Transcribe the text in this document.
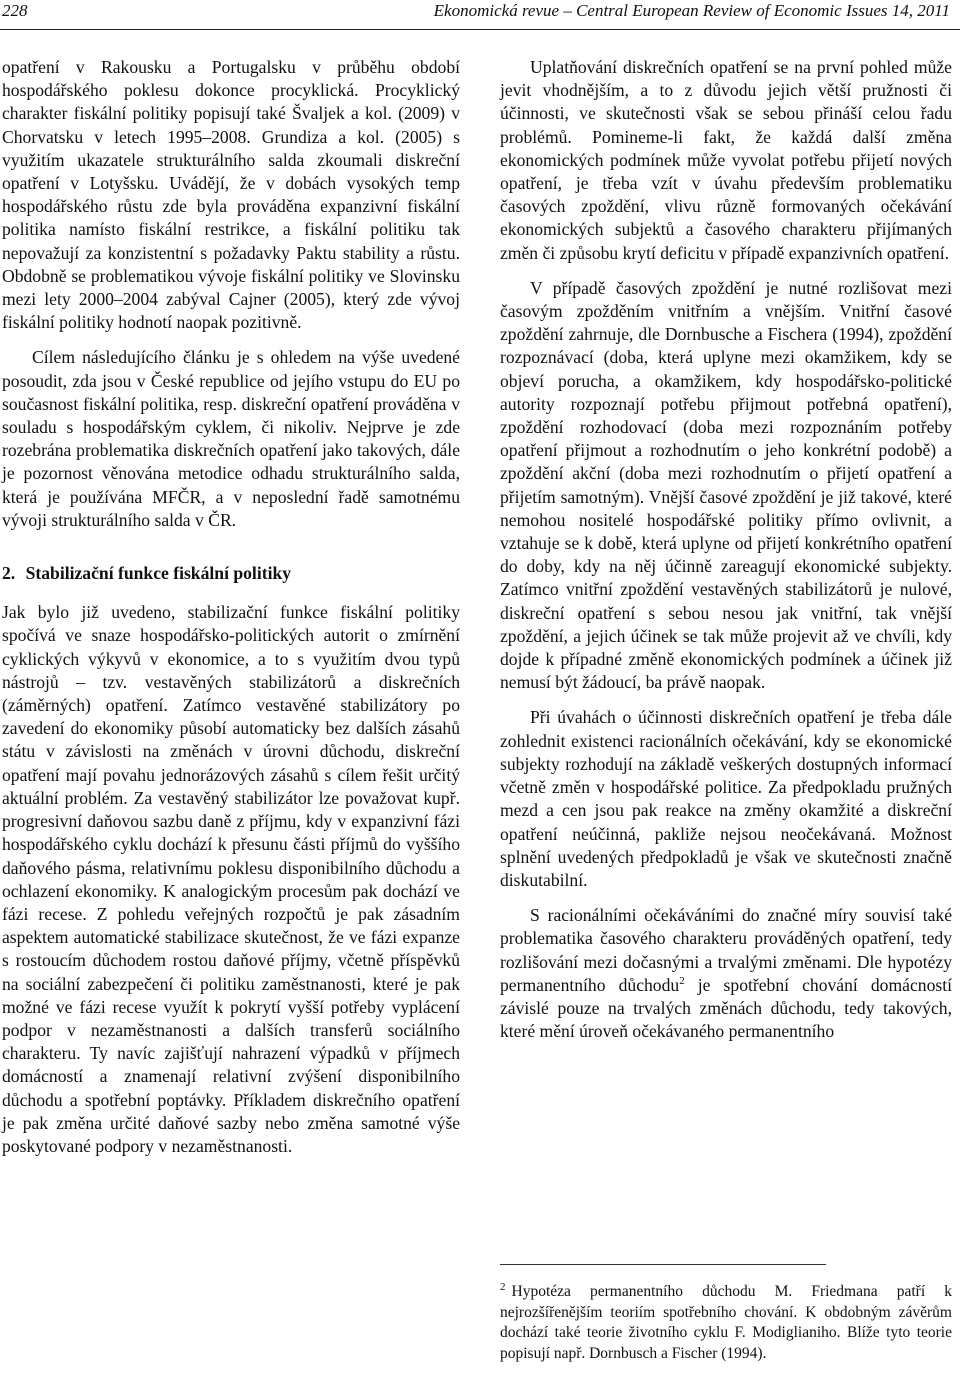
228	Ekonomická revue – Central European Review of Economic Issues 14, 2011

opatření v Rakousku a Portugalsku v průběhu období hospodářského poklesu dokonce procyklická. Procyklický charakter fiskální politiky popisují také Švaljek a kol. (2009) v Chorvatsku v letech 1995–2008. Grundiza a kol. (2005) s využitím ukazatele strukturálního salda zkoumali diskreční opatření v Lotyšsku. Uvádějí, že v dobách vysokých temp hospodářského růstu zde byla prováděna expanzivní fiskální politika namísto fiskální restrikce, a fiskální politiku tak nepovažují za konzistentní s požadavky Paktu stability a růstu. Obdobně se problematikou vývoje fiskální politiky ve Slovinsku mezi lety 2000–2004 zabýval Cajner (2005), který zde vývoj fiskální politiky hodnotí naopak pozitivně.

Cílem následujícího článku je s ohledem na výše uvedené posoudit, zda jsou v České republice od jejího vstupu do EU po současnost fiskální politika, resp. diskreční opatření prováděna v souladu s hospodářským cyklem, či nikoliv. Nejprve je zde rozebrána problematika diskrečních opatření jako takových, dále je pozornost věnována metodice odhadu strukturálního salda, která je používána MFČR, a v neposlední řadě samotnému vývoji strukturálního salda v ČR.

2. Stabilizační funkce fiskální politiky

Jak bylo již uvedeno, stabilizační funkce fiskální politiky spočívá ve snaze hospodářsko-politických autorit o zmírnění cyklických výkyvů v ekonomice, a to s využitím dvou typů nástrojů – tzv. vestavěných stabilizátorů a diskrečních (záměrných) opatření. Zatímco vestavěné stabilizátory po zavedení do ekonomiky působí automaticky bez dalších zásahů státu v závislosti na změnách v úrovni důchodu, diskreční opatření mají povahu jednorázových zásahů s cílem řešit určitý aktuální problém. Za vestavěný stabilizátor lze považovat kupř. progresivní daňovou sazbu daně z příjmu, kdy v expanzivní fázi hospodářského cyklu dochází k přesunu části příjmů do vyššího daňového pásma, relativnímu poklesu disponibilního důchodu a ochlazení ekonomiky. K analogickým procesům pak dochází ve fázi recese. Z pohledu veřejných rozpočtů je pak zásadním aspektem automatické stabilizace skutečnost, že ve fázi expanze s rostoucím důchodem rostou daňové příjmy, včetně příspěvků na sociální zabezpečení či politiku zaměstnanosti, které je pak možné ve fázi recese využít k pokrytí vyšší potřeby vyplácení podpor v nezaměstnanosti a dalších transferů sociálního charakteru. Ty navíc zajišťují nahrazení výpadků v příjmech domácností a znamenají relativní zvýšení disponibilního důchodu a spotřební poptávky. Příkladem diskrečního opatření je pak změna určité daňové sazby nebo změna samotné výše poskytované podpory v nezaměstnanosti.

Uplatňování diskrečních opatření se na první pohled může jevit vhodnějším, a to z důvodu jejich větší pružnosti či účinnosti, ve skutečnosti však se sebou přináší celou řadu problémů. Pomineme-li fakt, že každá další změna ekonomických podmínek může vyvolat potřebu přijetí nových opatření, je třeba vzít v úvahu především problematiku časových zpoždění, vlivu různě formovaných očekávání ekonomických subjektů a časového charakteru přijímaných změn či způsobu krytí deficitu v případě expanzivních opatření.

V případě časových zpoždění je nutné rozlišovat mezi časovým zpožděním vnitřním a vnějším. Vnitřní časové zpoždění zahrnuje, dle Dornbusche a Fischera (1994), zpoždění rozpoznávací (doba, která uplyne mezi okamžikem, kdy se objeví porucha, a okamžikem, kdy hospodářsko-politické autority rozpoznají potřebu přijmout potřebná opatření), zpoždění rozhodovací (doba mezi rozpoznáním potřeby opatření přijmout a rozhodnutím o jeho konkrétní podobě) a zpoždění akční (doba mezi rozhodnutím o přijetí opatření a přijetím samotným). Vnější časové zpoždění je již takové, které nemohou nositelé hospodářské politiky přímo ovlivnit, a vztahuje se k době, která uplyne od přijetí konkrétního opatření do doby, kdy na něj účinně zareagují ekonomické subjekty. Zatímco vnitřní zpoždění vestavěných stabilizátorů je nulové, diskreční opatření s sebou nesou jak vnitřní, tak vnější zpoždění, a jejich účinek se tak může projevit až ve chvíli, kdy dojde k případné změně ekonomických podmínek a účinek již nemusí být žádoucí, ba právě naopak.

Při úvahách o účinnosti diskrečních opatření je třeba dále zohlednit existenci racionálních očekávání, kdy se ekonomické subjekty rozhodují na základě veškerých dostupných informací včetně změn v hospodářské politice. Za předpokladu pružných mezd a cen jsou pak reakce na změny okamžité a diskreční opatření neúčinná, pakliže nejsou neočekávaná. Možnost splnění uvedených předpokladů je však ve skutečnosti značně diskutabilní.

S racionálními očekáváními do značné míry souvisí také problematika časového charakteru prováděných opatření, tedy rozlišování mezi dočasnými a trvalými změnami. Dle hypotézy permanentního důchodu$^2$ je spotřební chování domácností závislé pouze na trvalých změnách důchodu, tedy takových, které mění úroveň očekávaného permanentního

$^2$ Hypotéza permanentního důchodu M. Friedmana patří k nejrozšířenějším teoriím spotřebního chování. K obdobným závěrům dochází také teorie životního cyklu F. Modiglianiho. Blíže tyto teorie popisují např. Dornbusch a Fischer (1994).
